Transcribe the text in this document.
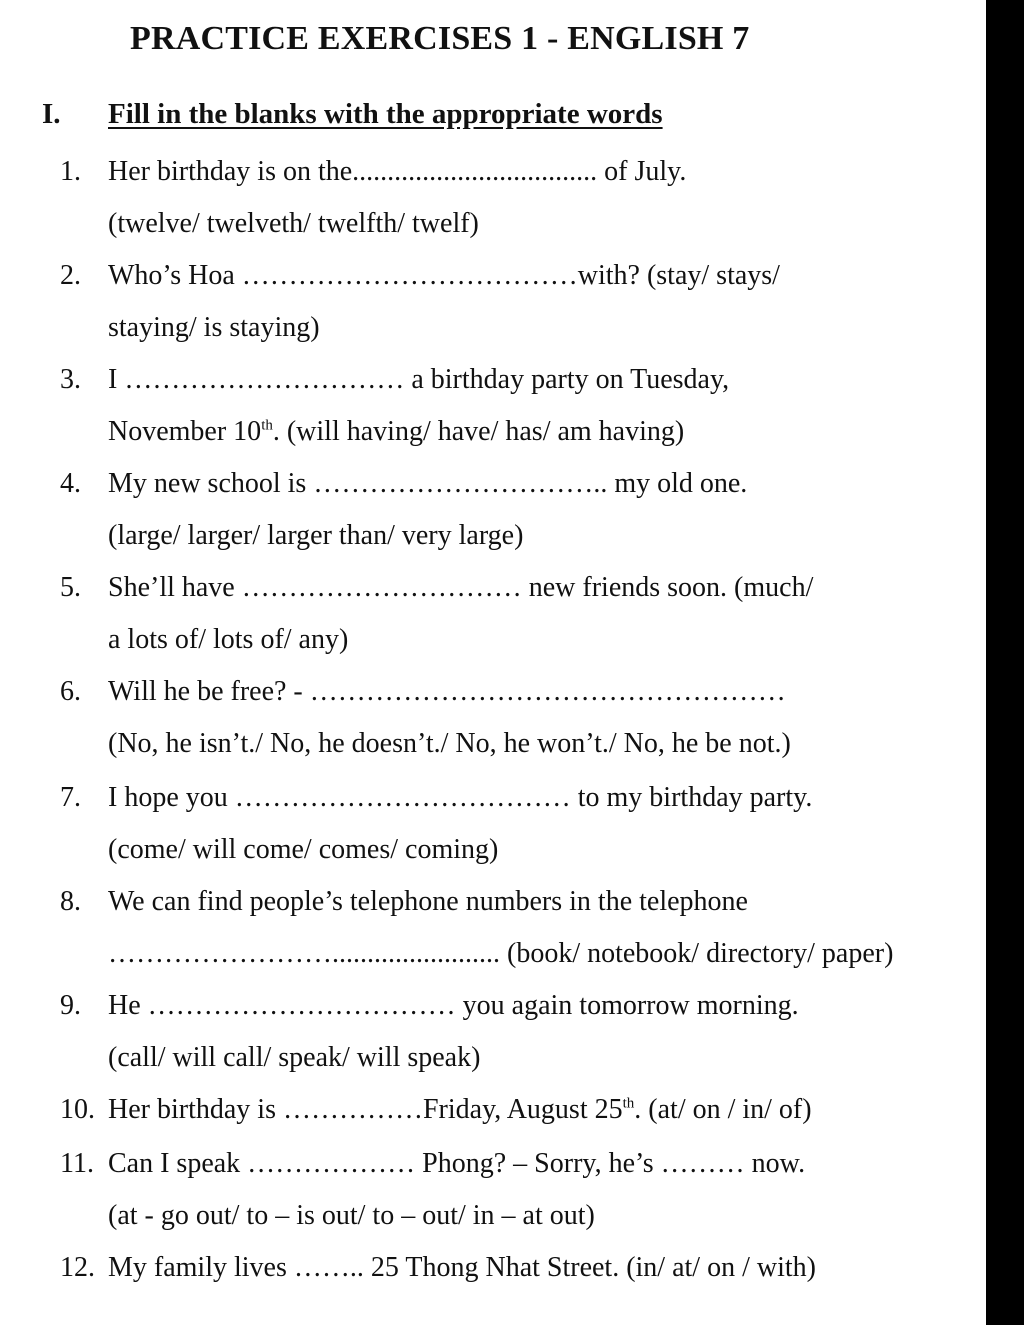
PRACTICE EXERCISES 1 - ENGLISH 7
I. Fill in the blanks with the appropriate words
1. Her birthday is on the................................... of July.
(twelve/ twelveth/ twelfth/ twelf)
2. Who’s Hoa ………………………………with? (stay/ stays/
staying/ is staying)
3. I ………………………… a birthday party on Tuesday,
November 10th. (will having/ have/ has/ am having)
4. My new school is ………………………….. my old one.
(large/ larger/ larger than/ very large)
5. She’ll have ………………………… new friends soon. (much/
a lots of/ lots of/ any)
6. Will he be free? - ……………………………………………
(No, he isn’t./ No, he doesn’t./ No, he won’t./ No, he be not.)
7. I hope you ……………………………… to my birthday party.
(come/ will come/ comes/ coming)
8. We can find people’s telephone numbers in the telephone
……………………........................ (book/ notebook/ directory/ paper)
9. He …………………………… you again tomorrow morning.
(call/ will call/ speak/ will speak)
10. Her birthday is ……………Friday, August 25th. (at/ on / in/ of)
11. Can I speak ……………… Phong? – Sorry, he’s ……… now.
(at - go out/ to – is out/ to – out/ in – at out)
12. My family lives …….. 25 Thong Nhat Street. (in/ at/ on / with)
